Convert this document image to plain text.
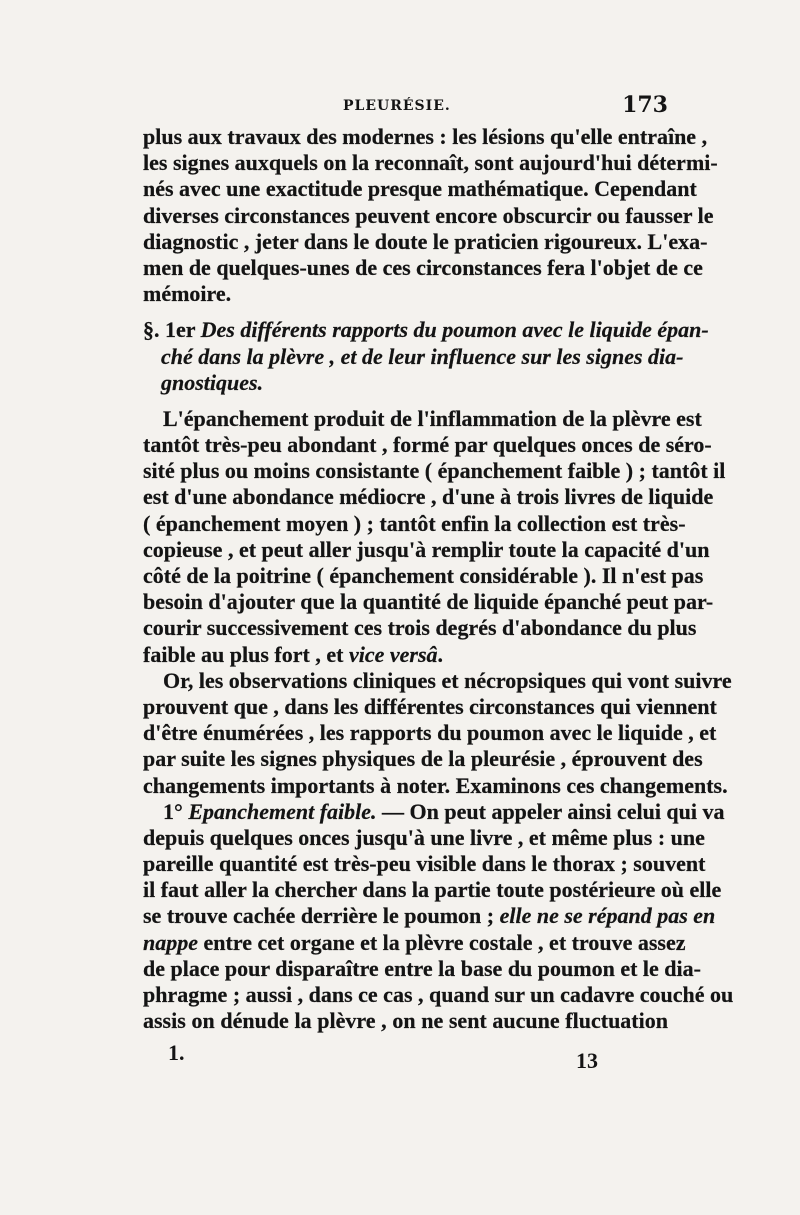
PLEURÉSIE.	173
plus aux travaux des modernes : les lésions qu'elle entraîne ,
les signes auxquels on la reconnaît, sont aujourd'hui détermi-
nés avec une exactitude presque mathématique. Cependant
diverses circonstances peuvent encore obscurcir ou fausser le
diagnostic , jeter dans le doute le praticien rigoureux. L'exa-
men de quelques-unes de ces circonstances fera l'objet de ce
mémoire.
§. 1er Des différents rapports du poumon avec le liquide épan-
ché dans la plèvre , et de leur influence sur les signes dia-
gnostiques.
L'épanchement produit de l'inflammation de la plèvre est
tantôt très-peu abondant , formé par quelques onces de séro-
sité plus ou moins consistante ( épanchement faible ) ; tantôt il
est d'une abondance médiocre , d'une à trois livres de liquide
( épanchement moyen ) ; tantôt enfin la collection est très-
copieuse , et peut aller jusqu'à remplir toute la capacité d'un
côté de la poitrine ( épanchement considérable ). Il n'est pas
besoin d'ajouter que la quantité de liquide épanché peut par-
courir successivement ces trois degrés d'abondance du plus
faible au plus fort , et vice versâ.
Or, les observations cliniques et nécropsiques qui vont suivre
prouvent que , dans les différentes circonstances qui viennent
d'être énumérées , les rapports du poumon avec le liquide , et
par suite les signes physiques de la pleurésie , éprouvent des
changements importants à noter. Examinons ces changements.
1° Epanchement faible. — On peut appeler ainsi celui qui va
depuis quelques onces jusqu'à une livre , et même plus : une
pareille quantité est très-peu visible dans le thorax ; souvent
il faut aller la chercher dans la partie toute postérieure où elle
se trouve cachée derrière le poumon ; elle ne se répand pas en
nappe entre cet organe et la plèvre costale , et trouve assez
de place pour disparaître entre la base du poumon et le dia-
phragme ; aussi , dans ce cas , quand sur un cadavre couché ou
assis on dénude la plèvre , on ne sent aucune fluctuation
1.	13
